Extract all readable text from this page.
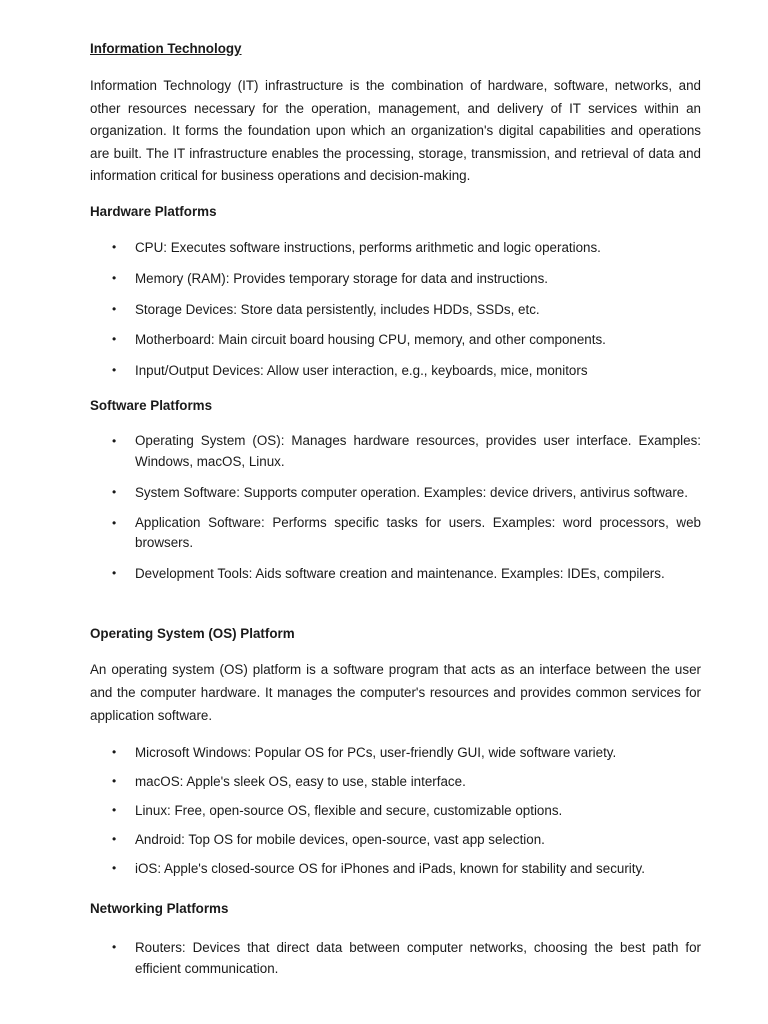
Information Technology

Information Technology (IT) infrastructure is the combination of hardware, software, networks, and other resources necessary for the operation, management, and delivery of IT services within an organization. It forms the foundation upon which an organization's digital capabilities and operations are built. The IT infrastructure enables the processing, storage, transmission, and retrieval of data and information critical for business operations and decision-making.

Hardware Platforms
• CPU: Executes software instructions, performs arithmetic and logic operations.
• Memory (RAM): Provides temporary storage for data and instructions.
• Storage Devices: Store data persistently, includes HDDs, SSDs, etc.
• Motherboard: Main circuit board housing CPU, memory, and other components.
• Input/Output Devices: Allow user interaction, e.g., keyboards, mice, monitors
Software Platforms
• Operating System (OS): Manages hardware resources, provides user interface. Examples: Windows, macOS, Linux.
• System Software: Supports computer operation. Examples: device drivers, antivirus software.
• Application Software: Performs specific tasks for users. Examples: word processors, web browsers.
• Development Tools: Aids software creation and maintenance. Examples: IDEs, compilers.
Operating System (OS) Platform

An operating system (OS) platform is a software program that acts as an interface between the user and the computer hardware. It manages the computer's resources and provides common services for application software.

• Microsoft Windows: Popular OS for PCs, user-friendly GUI, wide software variety.
• macOS: Apple's sleek OS, easy to use, stable interface.
• Linux: Free, open-source OS, flexible and secure, customizable options.
• Android: Top OS for mobile devices, open-source, vast app selection.
• iOS: Apple's closed-source OS for iPhones and iPads, known for stability and security.
Networking Platforms
• Routers: Devices that direct data between computer networks, choosing the best path for efficient communication.
